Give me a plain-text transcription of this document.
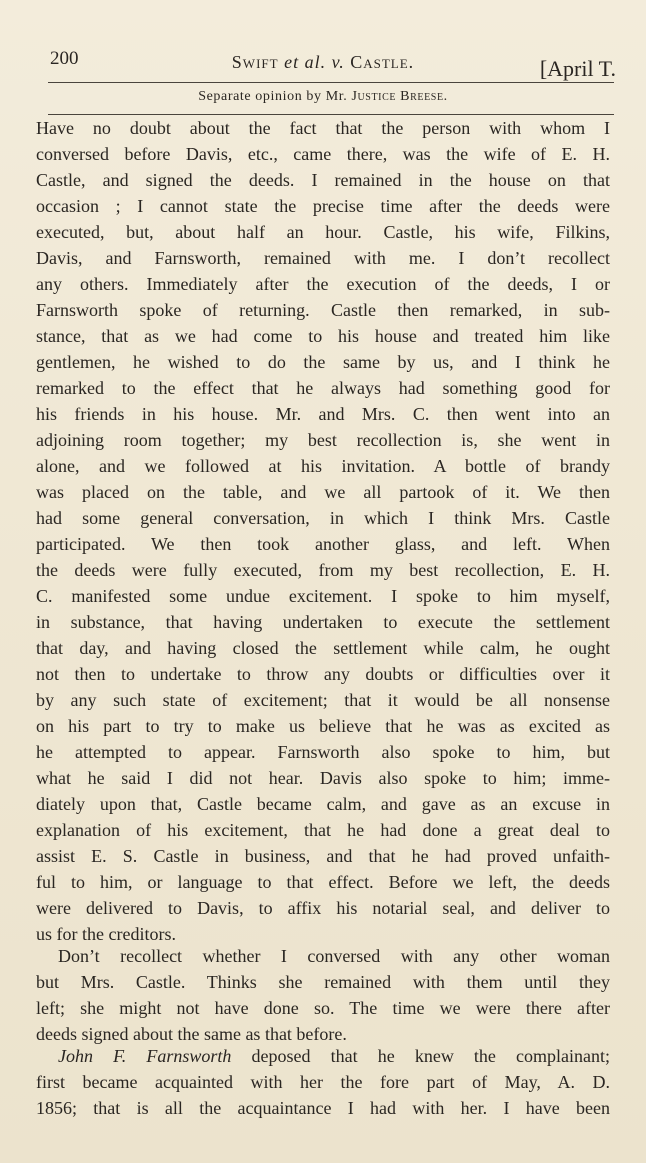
200	Swift et al. v. Castle.	[April T.
Separate opinion by Mr. Justice Breese.
Have no doubt about the fact that the person with whom I
conversed before Davis, etc., came there, was the wife of E. H.
Castle, and signed the deeds. I remained in the house on that
occasion ; I cannot state the precise time after the deeds were
executed, but, about half an hour. Castle, his wife, Filkins,
Davis, and Farnsworth, remained with me. I don’t recollect
any others. Immediately after the execution of the deeds, I or
Farnsworth spoke of returning. Castle then remarked, in sub-
stance, that as we had come to his house and treated him like
gentlemen, he wished to do the same by us, and I think he
remarked to the effect that he always had something good for
his friends in his house. Mr. and Mrs. C. then went into an
adjoining room together; my best recollection is, she went in
alone, and we followed at his invitation. A bottle of brandy
was placed on the table, and we all partook of it. We then
had some general conversation, in which I think Mrs. Castle
participated. We then took another glass, and left. When
the deeds were fully executed, from my best recollection, E. H.
C. manifested some undue excitement. I spoke to him myself,
in substance, that having undertaken to execute the settlement
that day, and having closed the settlement while calm, he ought
not then to undertake to throw any doubts or difficulties over it
by any such state of excitement; that it would be all nonsense
on his part to try to make us believe that he was as excited as
he attempted to appear. Farnsworth also spoke to him, but
what he said I did not hear. Davis also spoke to him; imme-
diately upon that, Castle became calm, and gave as an excuse in
explanation of his excitement, that he had done a great deal to
assist E. S. Castle in business, and that he had proved unfaith-
ful to him, or language to that effect. Before we left, the deeds
were delivered to Davis, to affix his notarial seal, and deliver to
us for the creditors.
Don’t recollect whether I conversed with any other woman
but Mrs. Castle. Thinks she remained with them until they
left; she might not have done so. The time we were there after
deeds signed about the same as that before.
John F. Farnsworth deposed that he knew the complainant;
first became acquainted with her the fore part of May, A. D.
1856; that is all the acquaintance I had with her. I have been
